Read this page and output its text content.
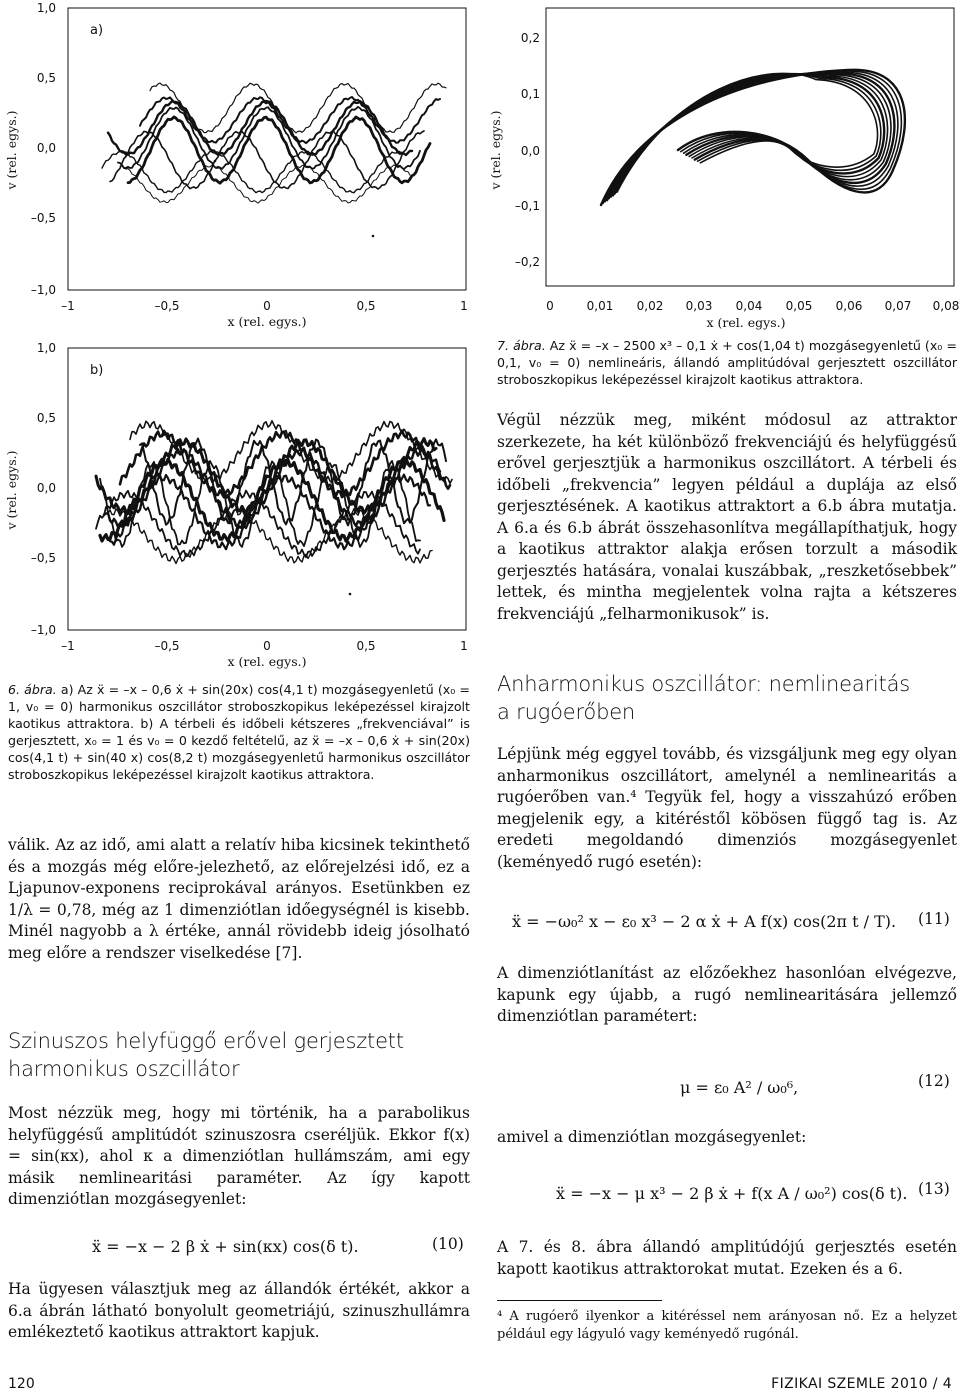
1,0
0,5
0,0
–0,5
–1,0
–1	–0,5	0	0,5	1
x (rel. egys.)
v (rel. egys.)
a)
1,0
0,5
0,0
–0,5
–1,0
–1	–0,5	0	0,5	1
x (rel. egys.)
v (rel. egys.)
b)
0,2
0,1
0,0
–0,1
–0,2
0	0,01 0,02 0,03 0,04 0,05 0,06 0,07 0,08
x (rel. egys.)
v (rel. egys.)
7. ábra. Az ẍ = –x – 2500 x³ – 0,1 ẋ + cos(1,04 t) mozgásegyenletű (x₀ = 0,1, v₀ = 0) nemlineáris, állandó amplitúdóval gerjesztett oszcillátor stroboszkopikus leképezéssel kirajzolt kaotikus attraktora.
6. ábra. a) Az ẍ = –x – 0,6 ẋ + sin(20x) cos(4,1 t) mozgásegyenletű (x₀ = 1, v₀ = 0) harmonikus oszcillátor stroboszkopikus leképezéssel kirajzolt kaotikus attraktora. b) A térbeli és időbeli kétszeres „frekvenciával” is gerjesztett, x₀ = 1 és v₀ = 0 kezdő feltételű, az ẍ = –x – 0,6 ẋ + sin(20x) cos(4,1 t) + sin(40 x) cos(8,2 t) mozgásegyenletű harmonikus oszcillátor stroboszkopikus leképezéssel kirajzolt kaotikus attraktora.
válik. Az az idő, ami alatt a relatív hiba kicsinek tekinthető és a mozgás még előre-jelezhető, az előrejelzési idő, ez a Ljapunov-exponens reciprokával arányos. Esetünkben ez 1/λ = 0,78, még az 1 dimenziótlan időegységnél is kisebb. Minél nagyobb a λ értéke, annál rövidebb ideig jósolható meg előre a rendszer viselkedése [7].
Szinuszos helyfüggő erővel gerjesztett harmonikus oszcillátor
Most nézzük meg, hogy mi történik, ha a parabolikus helyfüggésű amplitúdót szinuszosra cseréljük. Ekkor f(x) = sin(κx), ahol κ a dimenziótlan hullámszám, ami egy másik nemlinearitási paraméter. Az így kapott dimenziótlan mozgásegyenlet:
ẍ = −x − 2 β ẋ + sin(κx) cos(δ t).	(10)
Ha ügyesen választjuk meg az állandók értékét, akkor a 6.a ábrán látható bonyolult geometriájú, szinuszhullámra emlékeztető kaotikus attraktort kapjuk.
Végül nézzük meg, miként módosul az attraktor szerkezete, ha két különböző frekvenciájú és helyfüggésű erővel gerjesztjük a harmonikus oszcillátort. A térbeli és időbeli „frekvencia” legyen például a duplája az első gerjesztésének. A kaotikus attraktort a 6.b ábra mutatja. A 6.a és 6.b ábrát összehasonlítva megállapíthatjuk, hogy a kaotikus attraktor alakja erősen torzult a második gerjesztés hatására, vonalai kuszábbak, „reszketősebbek” lettek, és mintha megjelentek volna rajta a kétszeres frekvenciájú „felharmonikusok” is.
Anharmonikus oszcillátor: nemlinearitás a rugóerőben
Lépjünk még eggyel tovább, és vizsgáljunk meg egy olyan anharmonikus oszcillátort, amelynél a nemlinearitás a rugóerőben van.⁴ Tegyük fel, hogy a visszahúzó erőben megjelenik egy, a kitéréstől köbösen függő tag is. Az eredeti megoldandó dimenziós mozgásegyenlet (keményedő rugó esetén):
ẍ = −ω₀² x − ε₀ x³ − 2 α ẋ + A f(x) cos(2π t / T). (11)
A dimenziótlanítást az előzőekhez hasonlóan elvégezve, kapunk egy újabb, a rugó nemlinearitására jellemző dimenziótlan paramétert:
μ = ε₀ A² / ω₀⁶,	(12)
amivel a dimenziótlan mozgásegyenlet:
ẍ = −x − μ x³ − 2 β ẋ + f(x A / ω₀²) cos(δ t). (13)
A 7. és 8. ábra állandó amplitúdójú gerjesztés esetén kapott kaotikus attraktorokat mutat. Ezeken és a 6.
⁴ A rugóerő ilyenkor a kitéréssel nem arányosan nő. Ez a helyzet például egy lágyuló vagy keményedő rugónál.
120	FIZIKAI SZEMLE 2010 / 4
